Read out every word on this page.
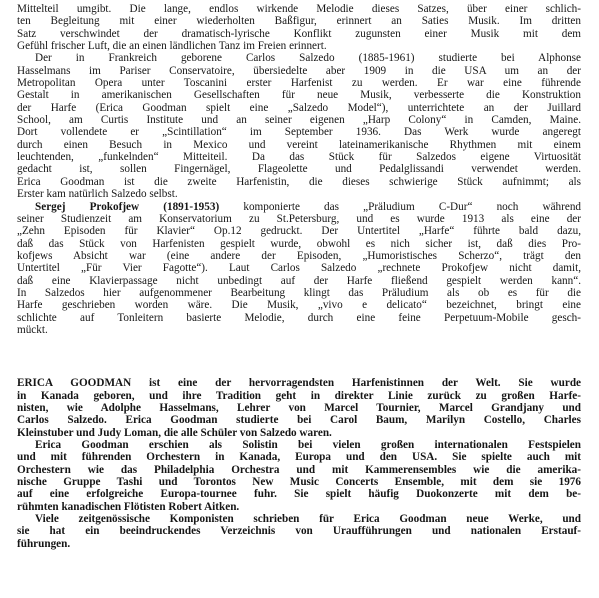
Mittelteil umgibt. Die lange, endlos wirkende Melodie dieses Satzes, über einer schlich-
ten Begleitung mit einer wiederholten Baßfigur, erinnert an Saties Musik. Im dritten
Satz verschwindet der dramatisch-lyrische Konflikt zugunsten einer Musik mit dem
Gefühl frischer Luft, die an einen ländlichen Tanz im Freien erinnert.
Der in Frankreich geborene Carlos Salzedo (1885-1961) studierte bei Alphonse
Hasselmans im Pariser Conservatoire, übersiedelte aber 1909 in die USA um an der
Metropolitan Opera unter Toscanini erster Harfenist zu werden. Er war eine führende
Gestalt in amerikanischen Gesellschaften für neue Musik, verbesserte die Konstruktion
der Harfe (Erica Goodman spielt eine „Salzedo Model“), unterrichtete an der Juillard
School, am Curtis Institute und an seiner eigenen „Harp Colony“ in Camden, Maine.
Dort vollendete er „Scintillation“ im September 1936. Das Werk wurde angeregt
durch einen Besuch in Mexico und vereint lateinamerikanische Rhythmen mit einem
leuchtenden, „funkelnden“ Mitteiteil. Da das Stück für Salzedos eigene Virtuosität
gedacht ist, sollen Fingernägel, Flageolette und Pedalglissandi verwendet werden.
Erica Goodman ist die zweite Harfenistin, die dieses schwierige Stück aufnimmt; als
Erster kam natürlich Salzedo selbst.
Sergej Prokofjew (1891-1953) komponierte das „Präludium C-Dur“ noch während
seiner Studienzeit am Konservatorium zu St.Petersburg, und es wurde 1913 als eine der
„Zehn Episoden für Klavier“ Op.12 gedruckt. Der Untertitel „Harfe“ führte bald dazu,
daß das Stück von Harfenisten gespielt wurde, obwohl es nich sicher ist, daß dies Pro-
kofjews Absicht war (eine andere der Episoden, „Humoristisches Scherzo“, trägt den
Untertitel „Für Vier Fagotte“). Laut Carlos Salzedo „rechnete Prokofjew nicht damit,
daß eine Klavierpassage nicht unbedingt auf der Harfe fließend gespielt werden kann“.
In Salzedos hier aufgenommener Bearbeitung klingt das Präludium als ob es für die
Harfe geschrieben worden wäre. Die Musik, „vivo e delicato“ bezeichnet, bringt eine
schlichte auf Tonleitern basierte Melodie, durch eine feine Perpetuum-Mobile gesch-
mückt.
ERICA GOODMAN ist eine der hervorragendsten Harfenistinnen der Welt. Sie wurde
in Kanada geboren, und ihre Tradition geht in direkter Linie zurück zu großen Harfe-
nisten, wie Adolphe Hasselmans, Lehrer von Marcel Tournier, Marcel Grandjany und
Carlos Salzedo. Erica Goodman studierte bei Carol Baum, Marilyn Costello, Charles
Kleinstuber und Judy Loman, die alle Schüler von Salzedo waren.
Erica Goodman erschien als Solistin bei vielen großen internationalen Festspielen
und mit führenden Orchestern in Kanada, Europa und den USA. Sie spielte auch mit
Orchestern wie das Philadelphia Orchestra und mit Kammerensembles wie die amerika-
nische Gruppe Tashi und Torontos New Music Concerts Ensemble, mit dem sie 1976
auf eine erfolgreiche Europa-tournee fuhr. Sie spielt häufig Duokonzerte mit dem be-
rühmten kanadischen Flötisten Robert Aitken.
Viele zeitgenössische Komponisten schrieben für Erica Goodman neue Werke, und
sie hat ein beeindruckendes Verzeichnis von Uraufführungen und nationalen Erstauf-
führungen.
